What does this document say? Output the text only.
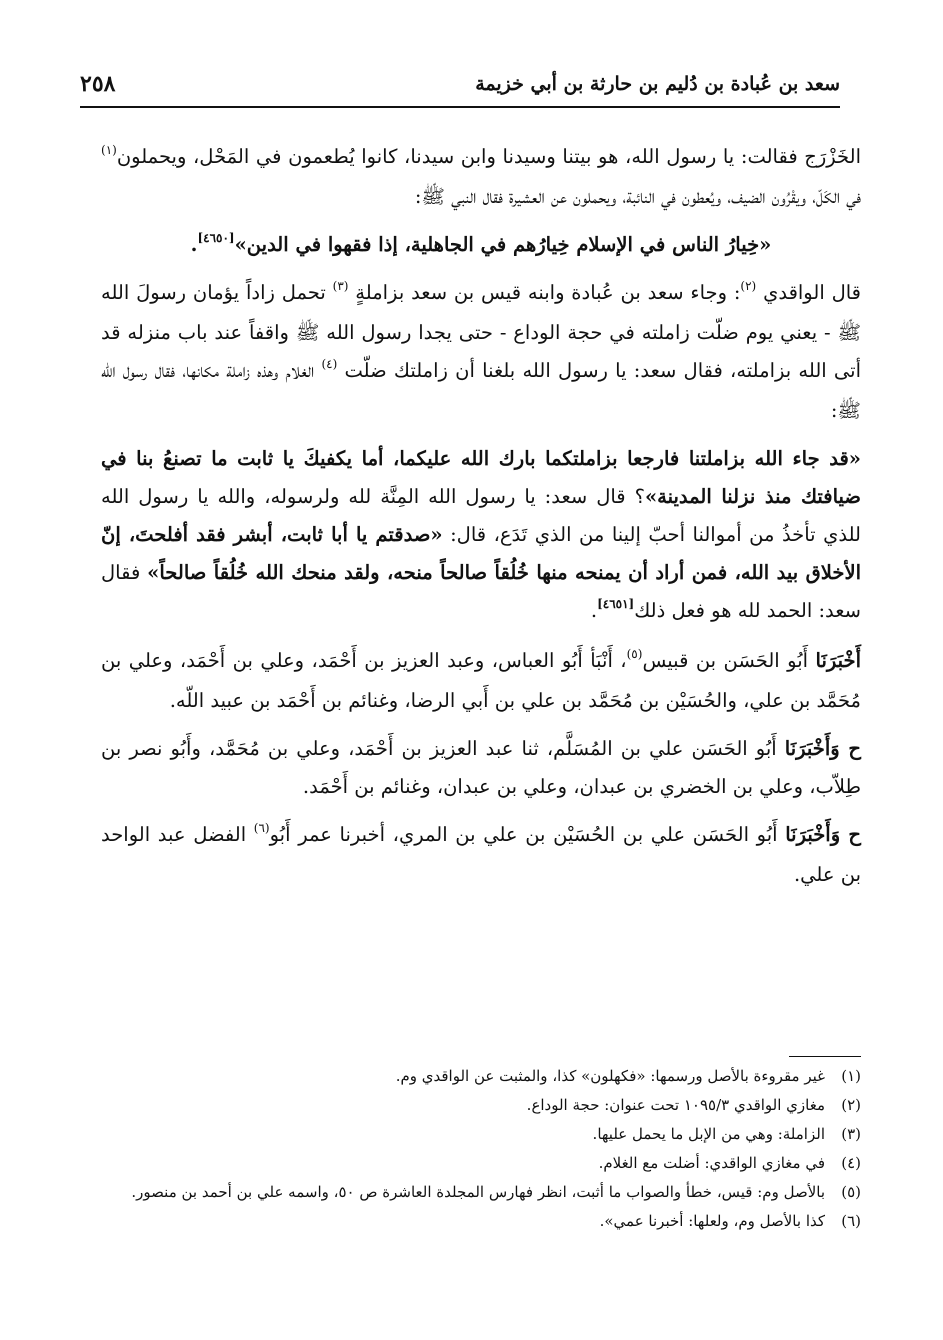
سعد بن عُبادة بن دُليم بن حارثة بن أبي خزيمة
٢٥٨

الخَزْرَج فقالت: يا رسول الله، هو بيتنا وسيدنا وابن سيدنا، كانوا يُطعمون في المَحْل، ويحملون$^{(١)}$ في الكَلّ، ويقْرُون الضيف، ويُعطون في النائبة، ويحملون عن العشيرة فقال النبي ﷺ:

«خِيارُ الناس في الإسلام خِيارُهم في الجاهلية، إذا فقهوا في الدين»[٤٦٥٠].

قال الواقدي $^{(٢)}$: وجاء سعد بن عُبادة وابنه قيس بن سعد بزاملةٍ $^{(٣)}$ تحمل زاداً يؤمان رسولَ الله ﷺ - يعني يوم ضلّت زاملته في حجة الوداع - حتى يجدا رسول الله ﷺ واقفاً عند باب منزله قد أتى الله بزاملته، فقال سعد: يا رسول الله بلغنا أن زاملتك ضلّت $^{(٤)}$ الغلام وهذه زاملة مكانها، فقال رسول الله ﷺ:

«قد جاء الله بزاملتنا فارجعا بزاملتكما بارك الله عليكما، أما يكفيكَ يا ثابت ما تصنعُ بنا في ضيافتك منذ نزلنا المدينة»؟ قال سعد: يا رسول الله المِنَّة لله ولرسوله، والله يا رسول الله للذي تأخذُ من أموالنا أحبّ إلينا من الذي تَدَع، قال: «صدقتم يا أبا ثابت، أبشر فقد أفلحتَ، إنّ الأخلاق بيد الله، فمن أراد أن يمنحه منها خُلُقاً صالحاً منحه، ولقد منحك الله خُلُقاً صالحاً» فقال سعد: الحمد لله هو فعل ذلك[٤٦٥١].

أَخْبَرَنَا أَبُو الحَسَن بن قبيس$^{(٥)}$، أَنْبَأ أَبُو العباس، وعبد العزيز بن أَحْمَد، وعلي بن أَحْمَد، وعلي بن مُحَمَّد بن علي، والحُسَيْن بن مُحَمَّد بن علي بن أَبي الرضا، وغنائم بن أَحْمَد بن عبيد اللّه.

ح وَأَخْبَرَنَا أَبُو الحَسَن علي بن المُسَلَّم، ثنا عبد العزيز بن أَحْمَد، وعلي بن مُحَمَّد، وأَبُو نصر بن طِلاّب، وعلي بن الخضري بن عبدان، وعلي بن عبدان، وغنائم بن أَحْمَد.

ح وَأَخْبَرَنَا أَبُو الحَسَن علي بن الحُسَيْن بن علي بن المري، أخبرنا عمر أَبُو$^{(٦)}$ الفضل عبد الواحد بن علي.

(١)
غير مقروءة بالأصل ورسمها: «فكهلون» كذا، والمثبت عن الواقدي وم.
(٢)
مغازي الواقدي ١٠٩٥/٣ تحت عنوان: حجة الوداع.
(٣)
الزاملة: وهي من الإبل ما يحمل عليها.
(٤)
في مغازي الواقدي: أضلت مع الغلام.
(٥)
بالأصل وم: قيس، خطأ والصواب ما أثبت، انظر فهارس المجلدة العاشرة ص ٥٠، واسمه علي بن أحمد بن منصور.
(٦)
كذا بالأصل وم، ولعلها: أخبرنا عمي».
